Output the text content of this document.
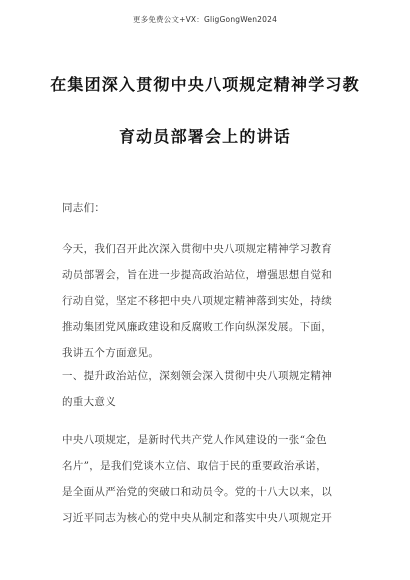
更多免费公文+VX：GligGongWen2024
在集团深入贯彻中央八项规定精神学习教
育动员部署会上的讲话
同志们：
今天，我们召开此次深入贯彻中央八项规定精神学习教育
动员部署会，旨在进一步提高政治站位，增强思想自觉和
行动自觉，坚定不移把中央八项规定精神落到实处，持续
推动集团党风廉政建设和反腐败工作向纵深发展。下面，
我讲五个方面意见。
一、提升政治站位，深刻领会深入贯彻中央八项规定精神
的重大意义
中央八项规定，是新时代共产党人作风建设的一张“金色
名片”，是我们党谈木立信、取信于民的重要政治承诺，
是全面从严治党的突破口和动员令。党的十八大以来，以
习近平同志为核心的党中央从制定和落实中央八项规定开
